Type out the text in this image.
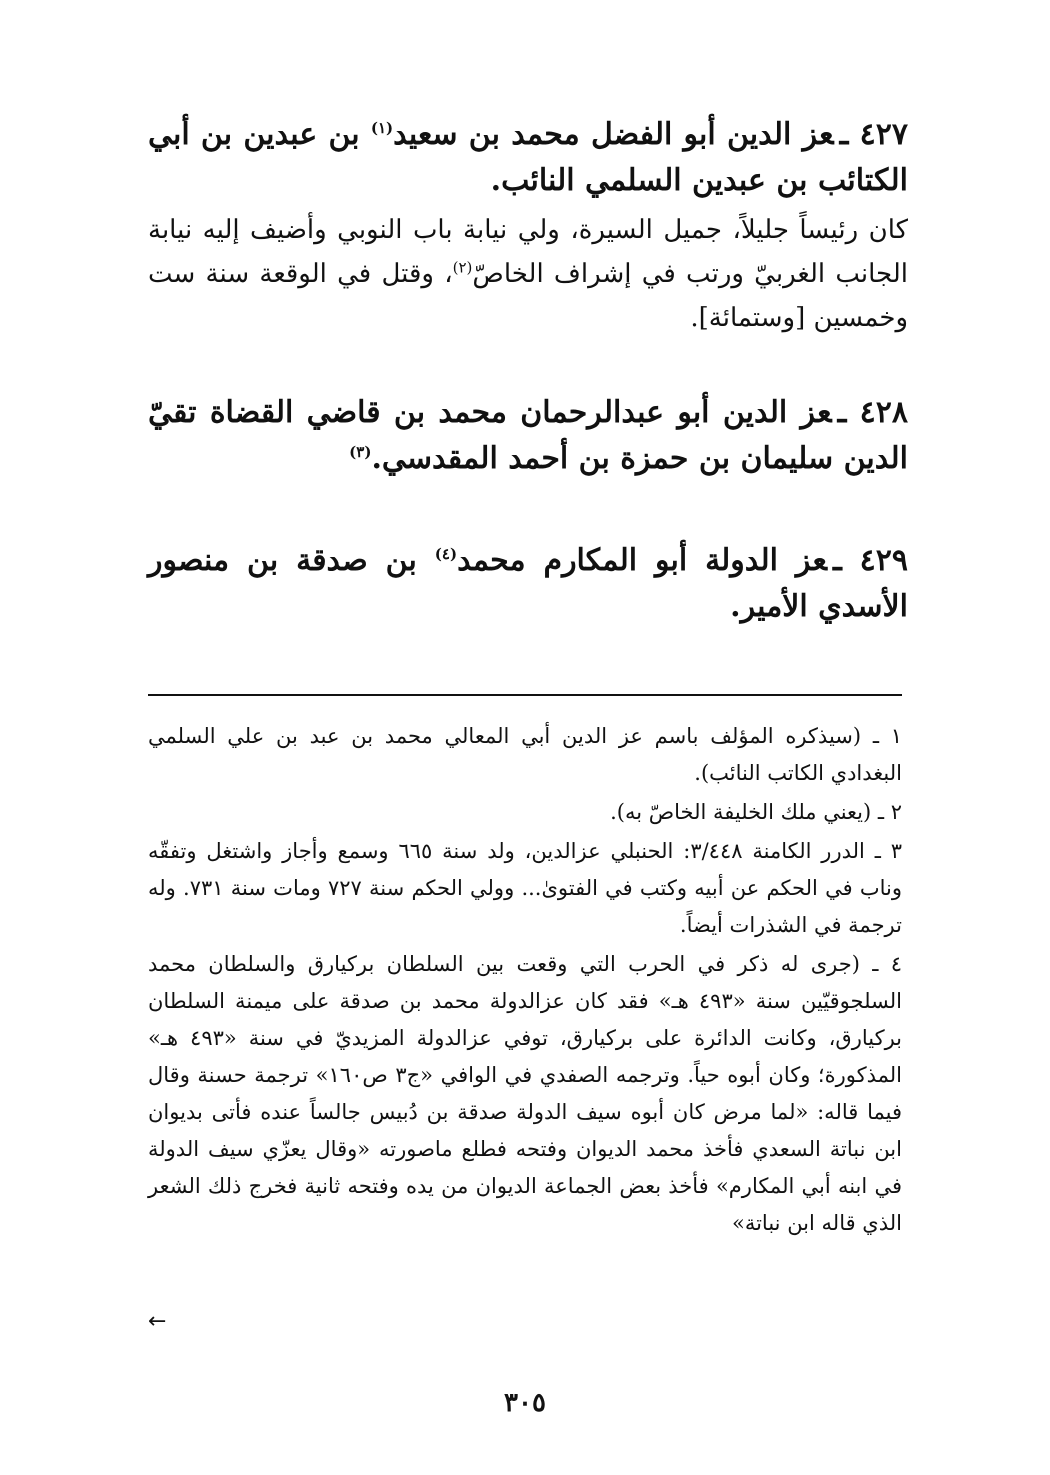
٤٢٧ ـعز الدين أبو الفضل محمد بن سعيد$^{(١)}$ بن عبدين بن أبي الكتائب بن عبدين السلمي النائب.

كان رئيساً جليلاً، جميل السيرة، ولي نيابة باب النوبي وأضيف إليه نيابة الجانب الغربيّ ورتب في إشراف الخاصّ$^{(٢)}$، وقتل في الوقعة سنة ست وخمسين [وستمائة].

٤٢٨ ـعز الدين أبو عبدالرحمان محمد بن قاضي القضاة تقيّ الدين سليمان بن حمزة بن أحمد المقدسي.$^{(٣)}$

٤٢٩ ـعز الدولة أبو المكارم محمد$^{(٤)}$ بن صدقة بن منصور الأسدي الأمير.

١ ـ (سيذكره المؤلف باسم عز الدين أبي المعالي محمد بن عبد بن علي السلمي البغدادي الكاتب النائب).

٢ ـ (يعني ملك الخليفة الخاصّ به).

٣ ـ الدرر الكامنة ٣/٤٤٨: الحنبلي عزالدين، ولد سنة ٦٦٥ وسمع وأجاز واشتغل وتفقّه وناب في الحكم عن أبيه وكتب في الفتوىٰ... وولي الحكم سنة ٧٢٧ ومات سنة ٧٣١. وله ترجمة في الشذرات أيضاً.

٤ ـ (جرى له ذكر في الحرب التي وقعت بين السلطان بركيارق والسلطان محمد السلجوقيّين سنة «٤٩٣ هـ» فقد كان عزالدولة محمد بن صدقة على ميمنة السلطان بركيارق، وكانت الدائرة على بركيارق، توفي عزالدولة المزيديّ في سنة «٤٩٣ هـ» المذكورة؛ وكان أبوه حياً. وترجمه الصفدي في الوافي «ج٣ ص١٦٠» ترجمة حسنة وقال فيما قاله: «لما مرض كان أبوه سيف الدولة صدقة بن دُبيس جالساً عنده فأتى بديوان ابن نباتة السعدي فأخذ محمد الديوان وفتحه فطلع ماصورته «وقال يعزّي سيف الدولة في ابنه أبي المكارم» فأخذ بعض الجماعة الديوان من يده وفتحه ثانية فخرج ذلك الشعر الذي قاله ابن نباتة»

←
٣٠٥
